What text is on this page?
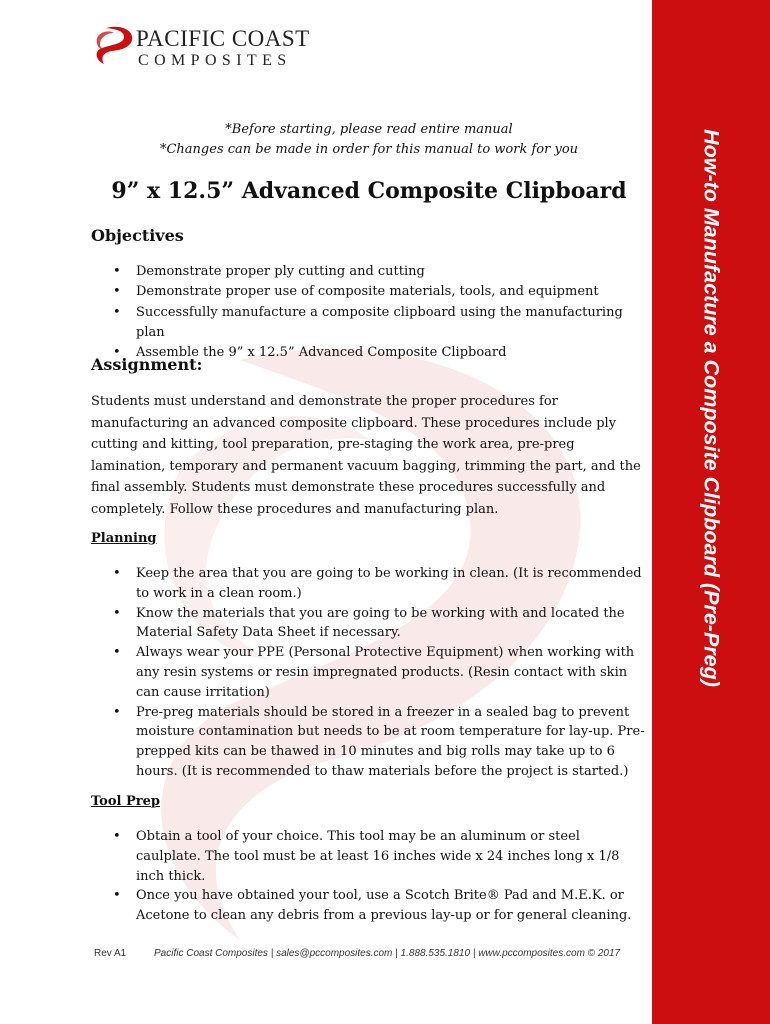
PACIFIC COAST
COMPOSITES
How-to Manufacture a Composite Clipboard (Pre-Preg)
*Before starting, please read entire manual
*Changes can be made in order for this manual to work for you
9” x 12.5” Advanced Composite Clipboard
Objectives
• Demonstrate proper ply cutting and cutting
• Demonstrate proper use of composite materials, tools, and equipment
• Successfully manufacture a composite clipboard using the manufacturing plan
• Assemble the 9” x 12.5” Advanced Composite Clipboard
Assignment:

Students must understand and demonstrate the proper procedures for manufacturing an advanced composite clipboard. These procedures include ply cutting and kitting, tool preparation, pre-staging the work area, pre-preg lamination, temporary and permanent vacuum bagging, trimming the part, and the final assembly. Students must demonstrate these procedures successfully and completely. Follow these procedures and manufacturing plan.

Planning
• Keep the area that you are going to be working in clean. (It is recommended to work in a clean room.)
• Know the materials that you are going to be working with and located the Material Safety Data Sheet if necessary.
• Always wear your PPE (Personal Protective Equipment) when working with any resin systems or resin impregnated products. (Resin contact with skin can cause irritation)
• Pre-preg materials should be stored in a freezer in a sealed bag to prevent moisture contamination but needs to be at room temperature for lay-up. Pre-prepped kits can be thawed in 10 minutes and big rolls may take up to 6 hours. (It is recommended to thaw materials before the project is started.)
Tool Prep
• Obtain a tool of your choice. This tool may be an aluminum or steel caulplate. The tool must be at least 16 inches wide x 24 inches long x 1/8 inch thick.
• Once you have obtained your tool, use a Scotch Brite® Pad and M.E.K. or Acetone to clean any debris from a previous lay-up or for general cleaning.
Rev A1	Pacific Coast Composites | sales@pccomposites.com | 1.888.535.1810 | www.pccomposites.com © 2017
